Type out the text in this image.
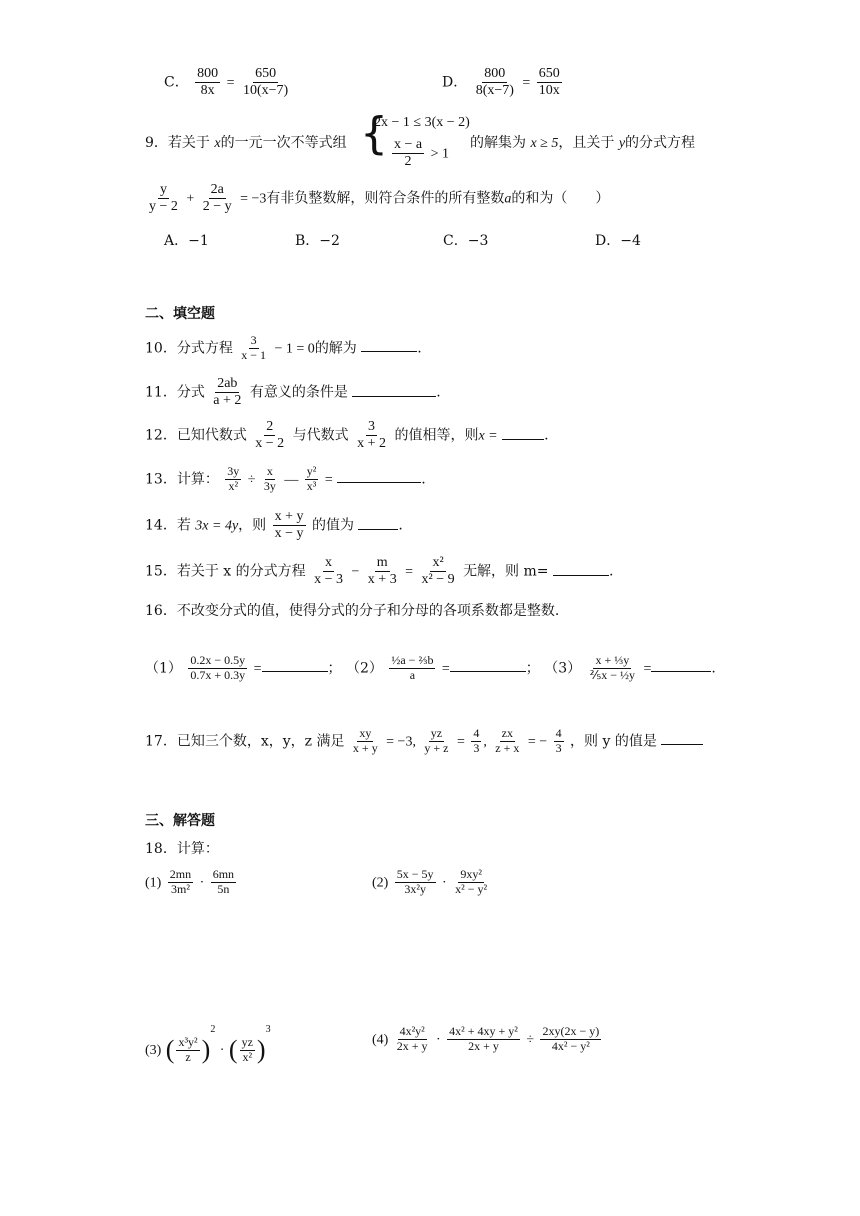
C． $\frac{800}{8x} = \frac{650}{10(x-7)}$	D． $\frac{800}{8(x-7)} = \frac{650}{10x}$
9．若关于 x的一元一次不等式组 {
2x − 1 ≤ 3(x − 2)
$\frac{x - a}{2} > 1$
的解集为 x ≥ 5，且关于 y的分式方程
$\frac{y}{y - 2} + \frac{2a}{2 - y} = -3$有非负整数解，则符合条件的所有整数a的和为（　　）
A．−1	B．−2	C．−3	D．−4
二、填空题
10．分式方程 $\frac{3}{x - 1} - 1 = 0$的解为	.
11．分式 $\frac{2ab}{a + 2}$ 有意义的条件是	.
12．已知代数式 $\frac{2}{x - 2}$ 与代数式 $\frac{3}{x + 2}$ 的值相等，则x =	.
13．计算： $\frac{3y}{\text{x²}} \div \frac{x}{3y}$ — $\frac{\text{y²}}{\text{x³}}$ =	.
14．若 3x = 4y，则 $\frac{x + y}{x - y}$ 的值为	.
15．若关于 x 的分式方程 $\frac{x}{x - 3} - \frac{m}{x + 3} = \frac{\text{x²}}{\text{x² − 9}}$ 无解，则 m=	.
16．不改变分式的值，使得分式的分子和分母的各项系数都是整数.
$(1) \frac{0.2x - 0.5y}{0.7x + 0.3y}$ =	； $(2) \frac{\text{½a − ⅔b}}{a}$ =	； $(3) \frac{\text{x + ⅓y}}{\text{⅖x − ½y}}$ =	.
17．已知三个数，x，y，z 满足 $\frac{xy}{x + y} = -3$, $\frac{yz}{y + z} = \frac{4}{3}$ , $\frac{zx}{z + x}$ = − $\frac{4}{3}$ ，则 y 的值是
三、解答题
18．计算：
$(1) \frac{2mn}{\text{3m²}} \cdot \frac{6mn}{5n}$	$(2) \frac{5x - 5y}{\text{3x²y}} \cdot \frac{\text{9xy²}}{\text{x² − y²}}$
(3) ( $\frac{\text{x³y²}}{z} )^2$ · ( $\frac{yz}{\text{x²}} )^3$
$(4) \frac{\text{4x²y²}}{2x + y} \cdot \frac{\text{4x² + 4xy + y²}}{2x + y} \div \frac{2xy(2x - y)}{\text{4x² − y²}}$
